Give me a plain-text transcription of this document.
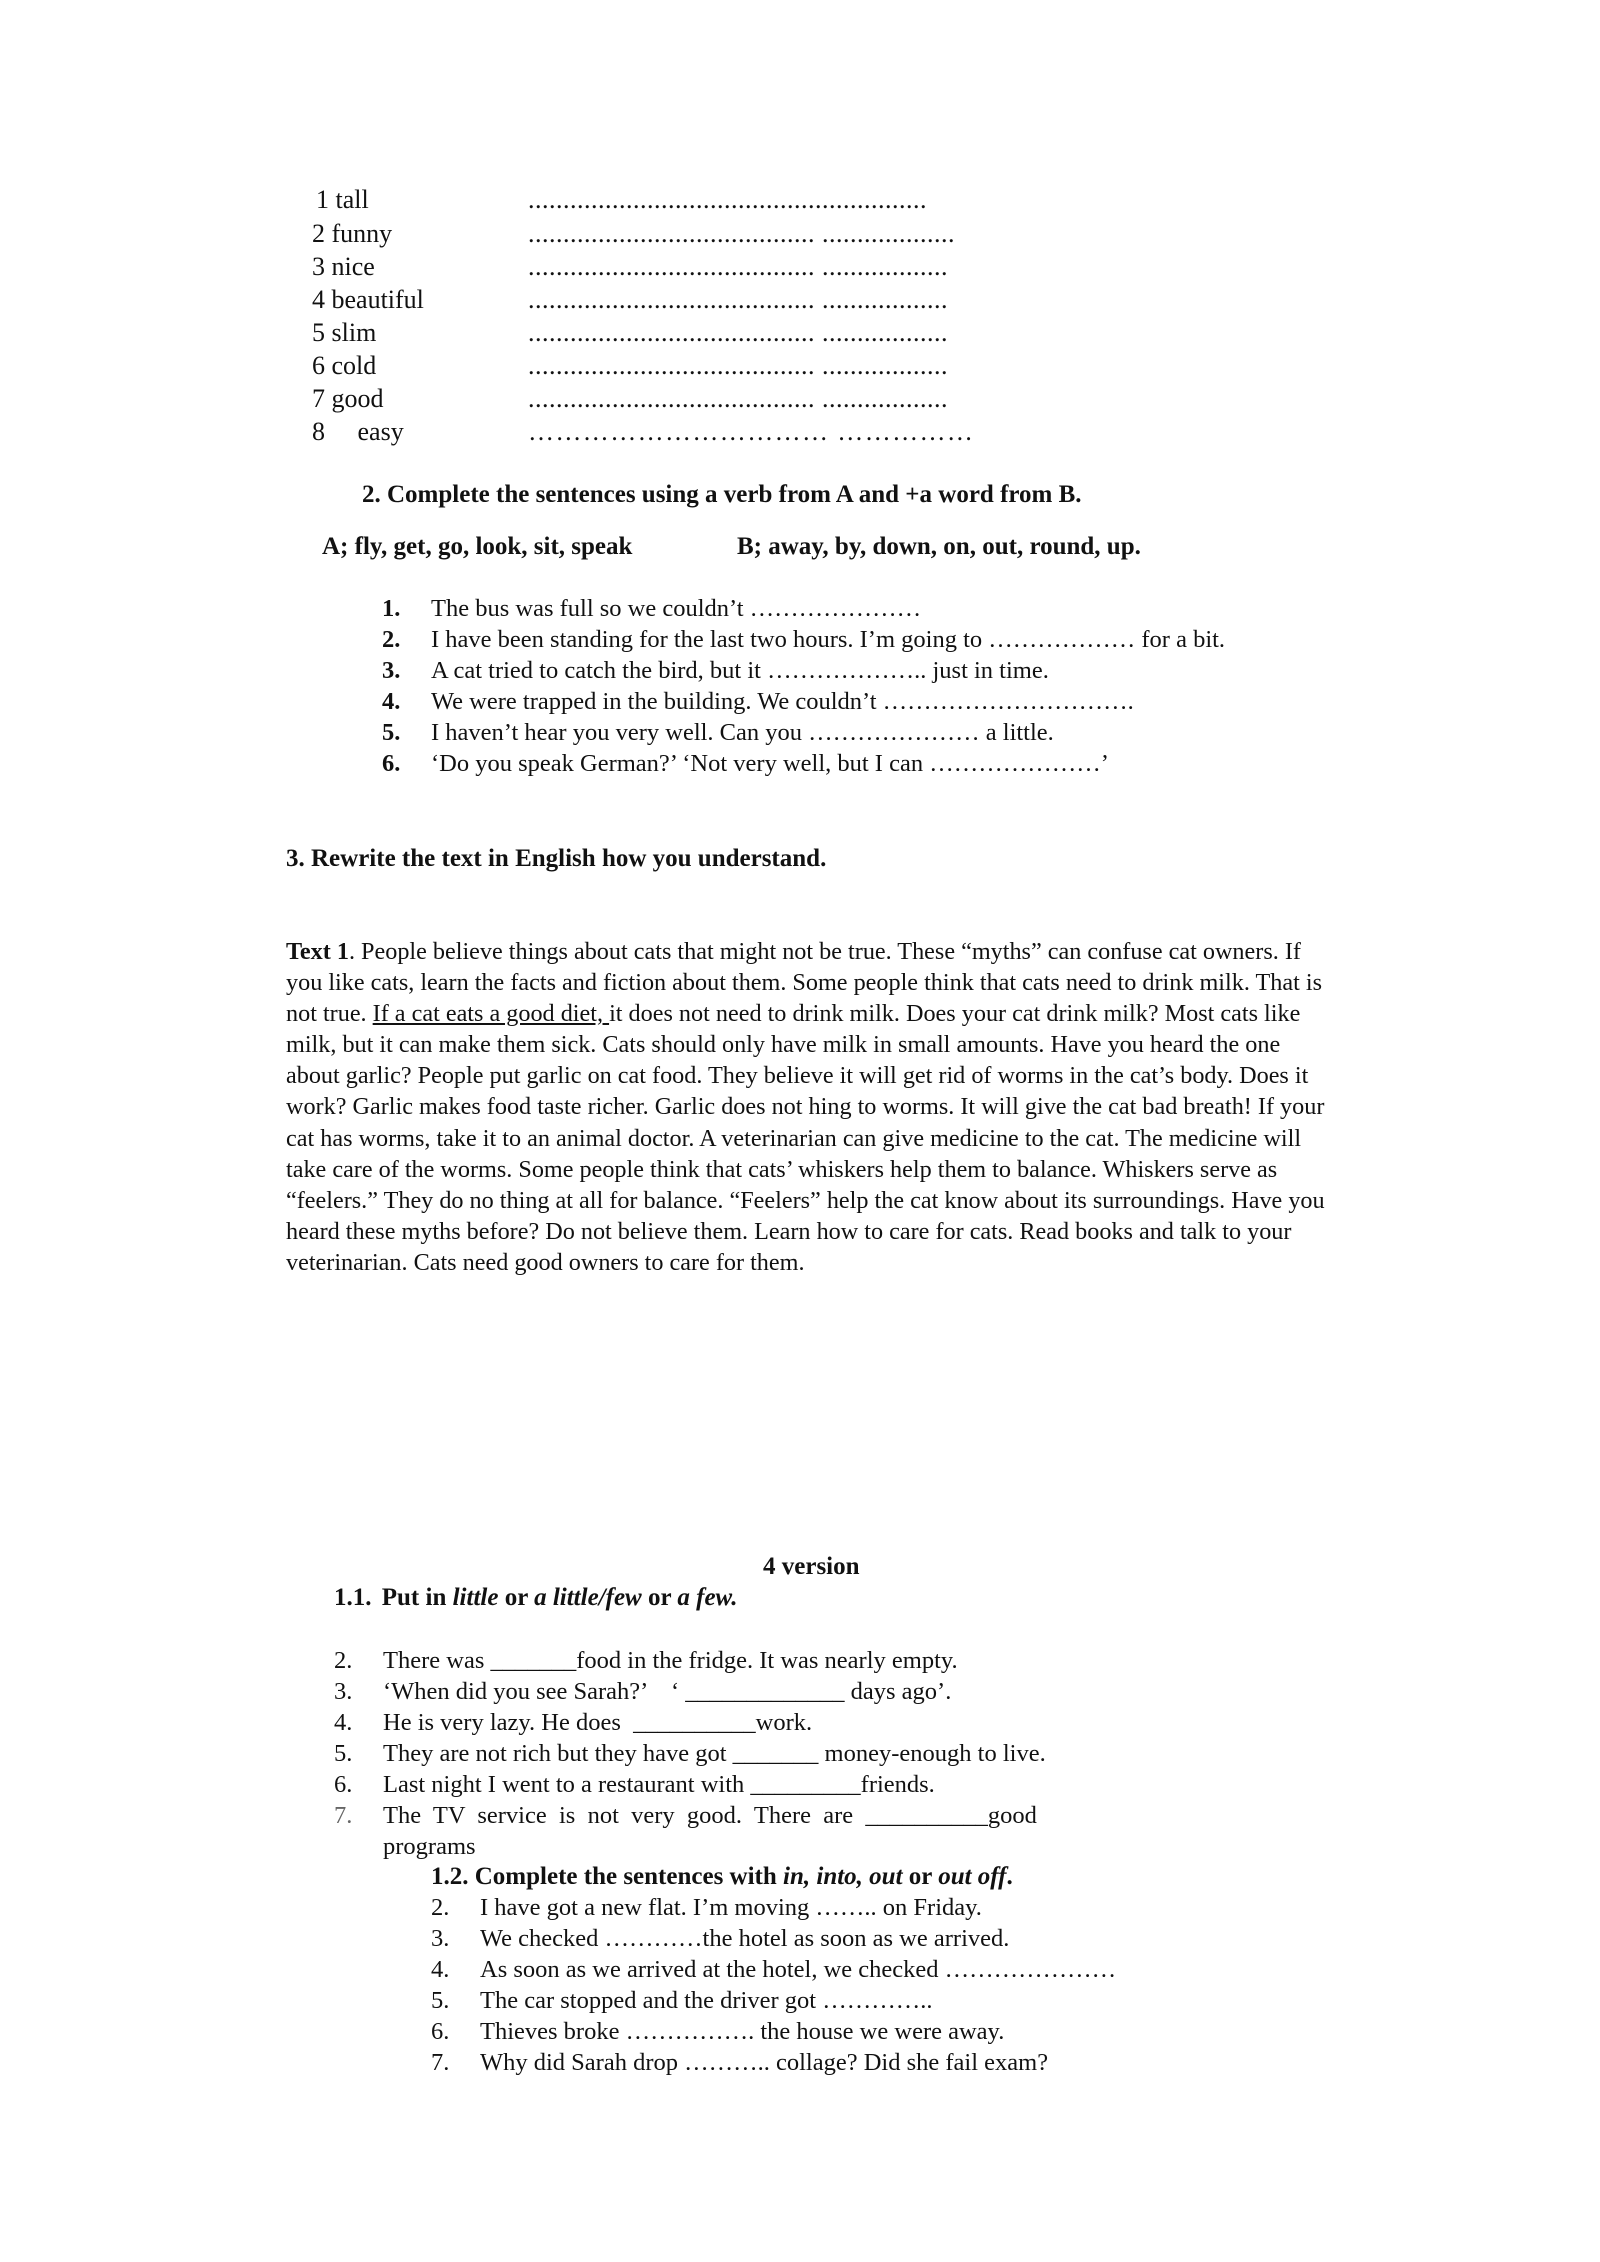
1 tall	.........................................................
2 funny	......................................... ...................
3 nice	......................................... ..................
4 beautiful	......................................... ..................
5 slim	......................................... ..................
6 cold	......................................... ..................
7 good	......................................... ..................
8     easy	…………………………… ……………
2. Complete the sentences using a verb from A and +a word from B.
A; fly, get, go, look, sit, speak	B; away, by, down, on, out, round, up.
1. The bus was full so we couldn’t …………………
2. I have been standing for the last two hours. I’m going to ……………… for a bit.
3. A cat tried to catch the bird, but it ……………….. just in time.
4. We were trapped in the building. We couldn’t ………………………….
5. I haven’t hear you very well. Can you ………………… a little.
6. ‘Do you speak German?’ ‘Not very well, but I can …………………’
3. Rewrite the text in English how you understand.
Text 1. People believe things about cats that might not be true. These “myths” can confuse cat owners. If you like cats, learn the facts and fiction about them. Some people think that cats need to drink milk. That is not true. If a cat eats a good diet, it does not need to drink milk. Does your cat drink milk? Most cats like milk, but it can make them sick. Cats should only have milk in small amounts. Have you heard the one about garlic? People put garlic on cat food. They believe it will get rid of worms in the cat’s body. Does it work? Garlic makes food taste richer. Garlic does not hing to worms. It will give the cat bad breath! If your cat has worms, take it to an animal doctor. A veterinarian can give medicine to the cat. The medicine will take care of the worms. Some people think that cats’ whiskers help them to balance. Whiskers serve as “feelers.” They do no thing at all for balance. “Feelers” help the cat know about its surroundings. Have you heard these myths before? Do not believe them. Learn how to care for cats. Read books and talk to your veterinarian. Cats need good owners to care for them.
4 version
1.1. Put in little or a little/few or a few.
2. There was _______food in the fridge. It was nearly empty.
3. ‘When did you see Sarah?’    ‘ _____________ days ago’.
4. He is very lazy. He does  __________work.
5. They are not rich but they have got _______ money-enough to live.
6. Last night I went to a restaurant with _________friends.
7. The  TV  service  is  not  very  good.  There  are  __________good
programs
1.2. Complete the sentences with in, into, out or out off.
2. I have got a new flat. I’m moving …….. on Friday.
3. We checked …………the hotel as soon as we arrived.
4. As soon as we arrived at the hotel, we checked …………………
5. The car stopped and the driver got …………..
6. Thieves broke ……………. the house we were away.
7. Why did Sarah drop ……….. collage? Did she fail exam?
